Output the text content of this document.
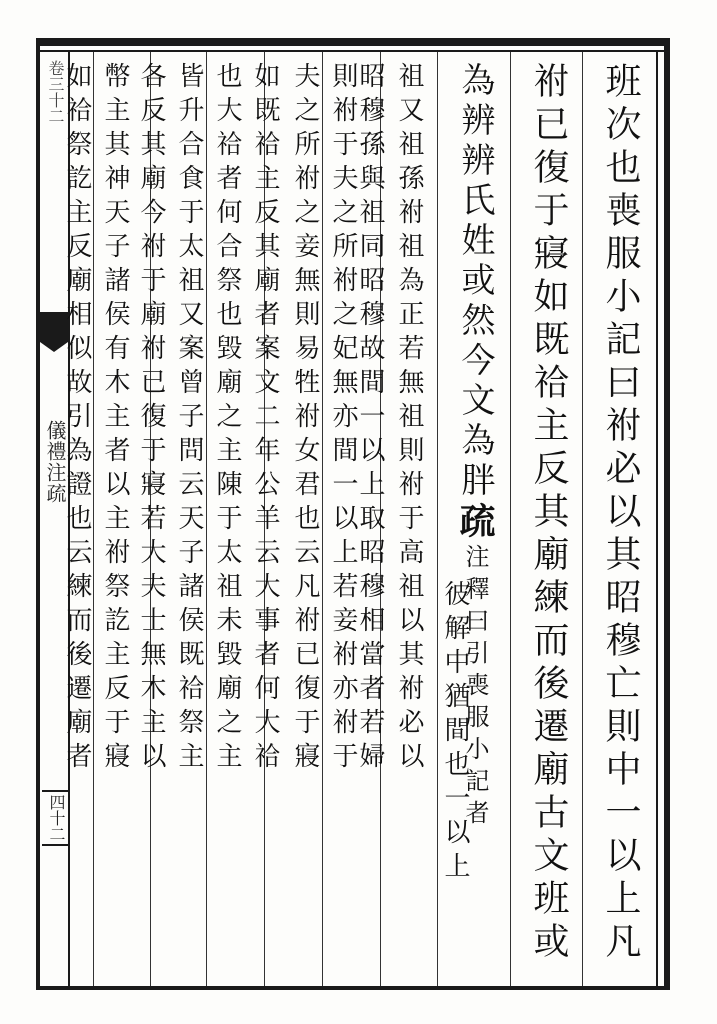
卷三十二
儀禮注疏
四十二	班次也喪服小記曰祔必以其昭穆亡則中一以上凡
祔已復于寢如既祫主反其廟練而後遷廟古文班或
為辨辨氏姓或然今文為胖疏注釋曰引喪服小記者
彼解中猶間也一以上
祖又祖孫祔祖為正若無祖則祔于高祖以其祔必以
昭穆孫與祖同昭穆故間一以上取昭穆相當者若婦
則祔于夫之所祔之妃無亦間一以上若妾祔亦祔于
夫之所祔之妾無則易牲祔女君也云凡祔已復于寢
如既祫主反其廟者案文二年公羊云大事者何大祫
也大祫者何合祭也毀廟之主陳于太祖未毀廟之主
皆升合食于太祖又案曾子問云天子諸侯既祫祭主
各反其廟今祔于廟祔已復于寢若大夫士無木主以
幣主其神天子諸侯有木主者以主祔祭訖主反于寢
如祫祭訖主反廟相似故引為證也云練而後遷廟者
